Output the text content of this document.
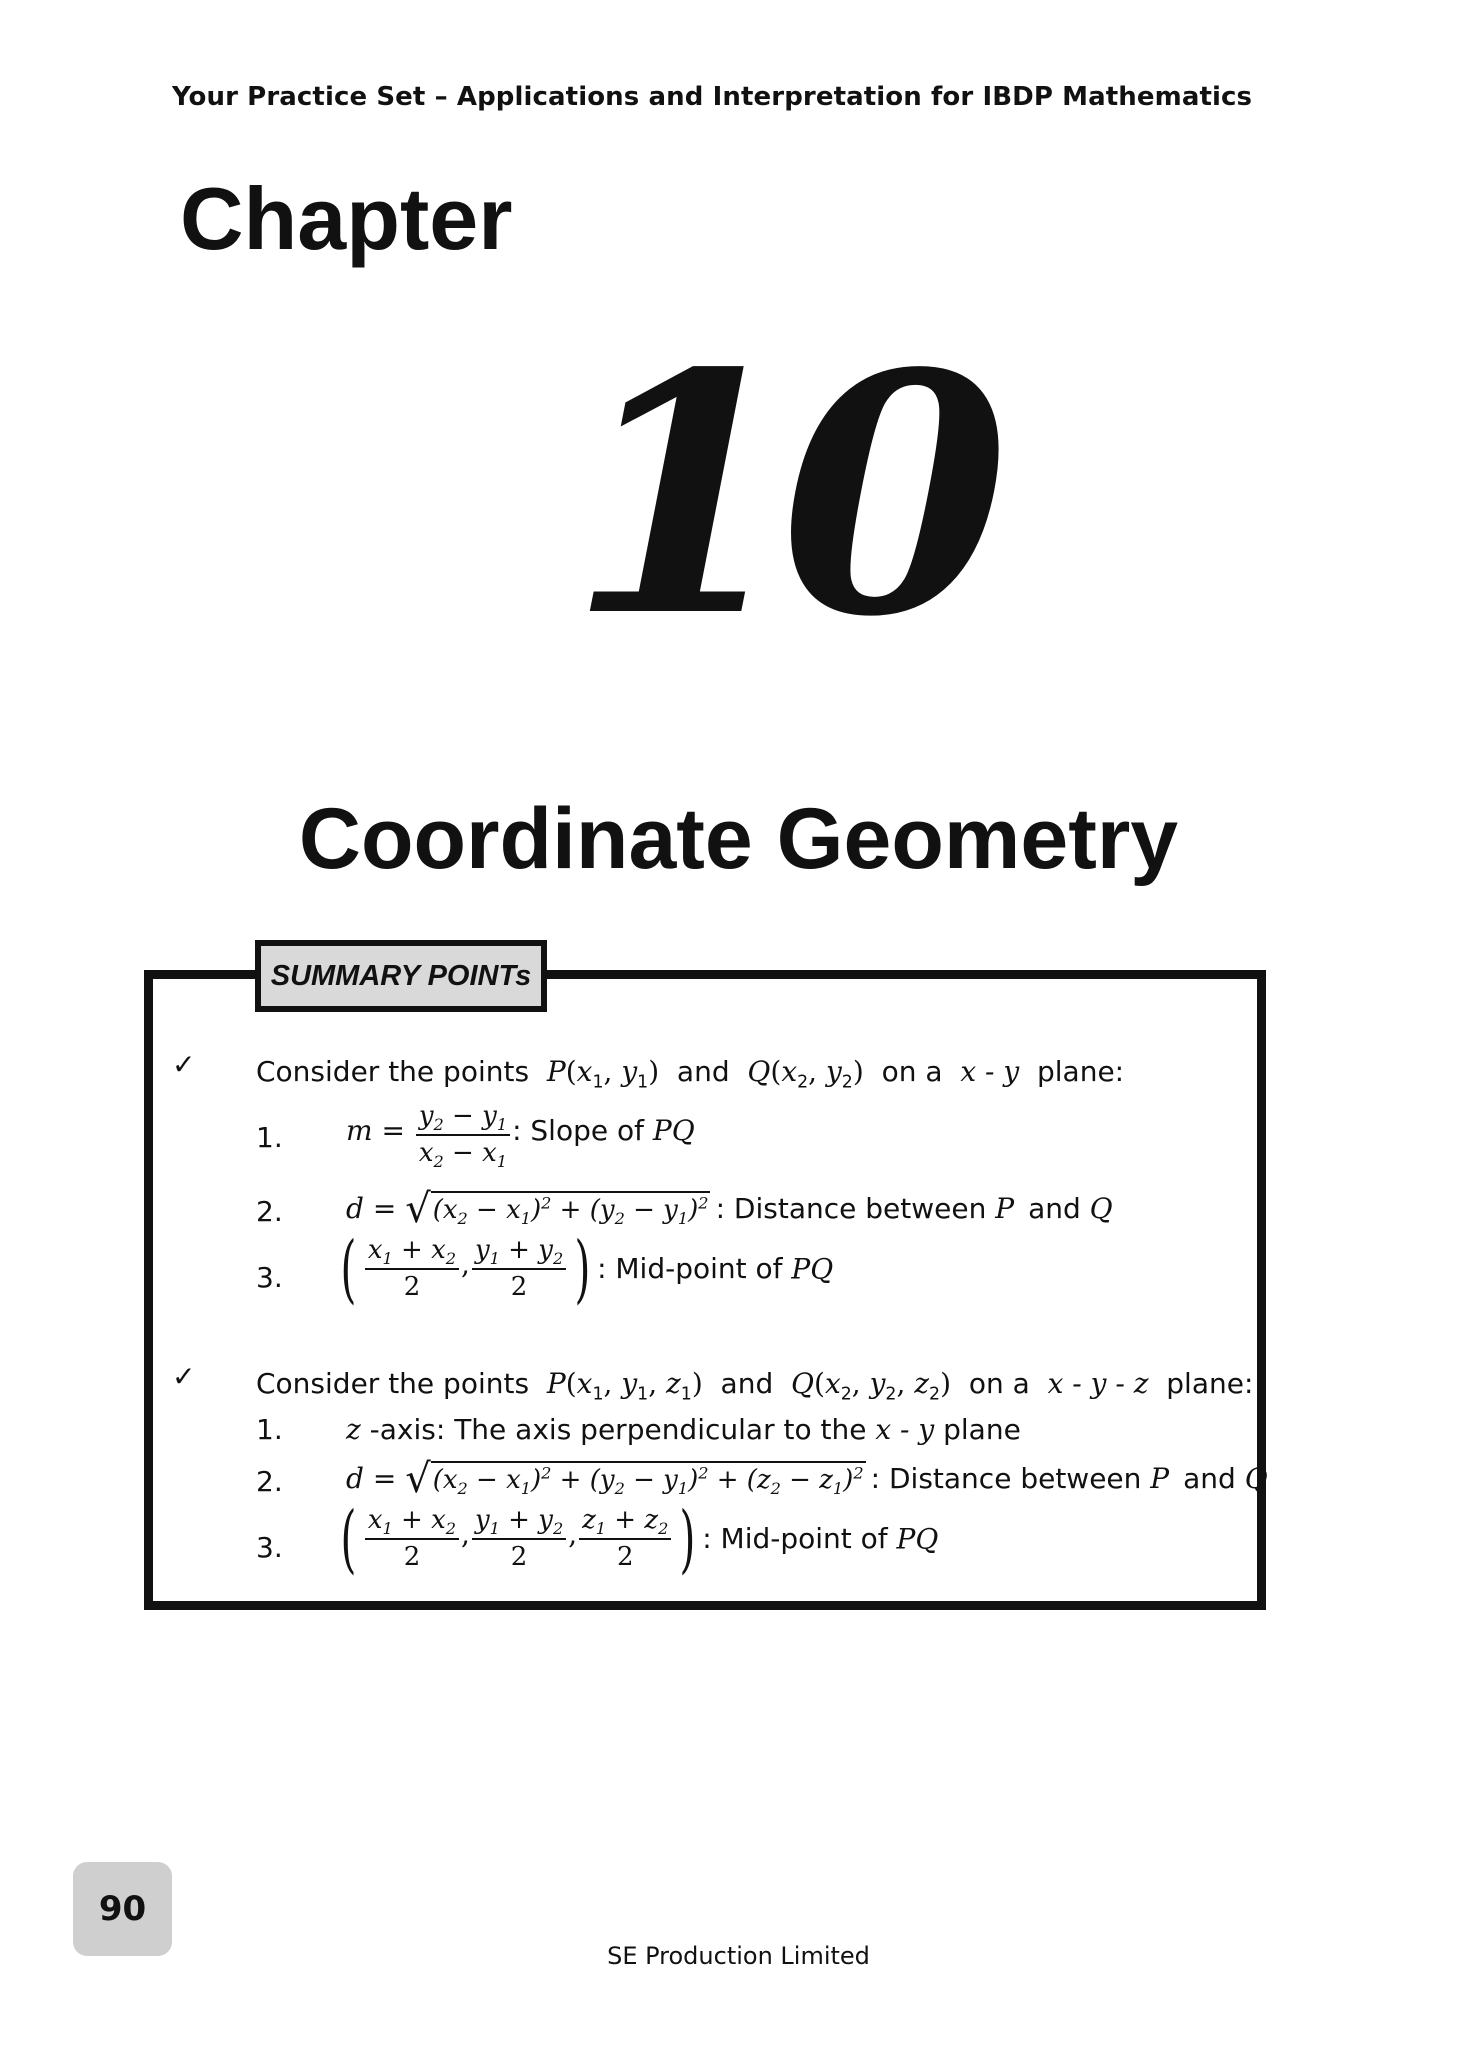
Your Practice Set – Applications and Interpretation for IBDP Mathematics
Chapter
10
Coordinate Geometry
SUMMARY POINTs
✓ Consider the points  $P(x_1$, $y_1$)  and  $Q(x_2$, $y_2$)  on a  x - y  plane:
1. $m = \frac{y_2 - y_1}{x_2 - x_1}$ : Slope of PQ
2. $d = √(x_2 - x_1)^2 + (y_2 - y_1)^2$ : Distance between P  and Q
3. ( $\frac{x_1 + x_2}{2}$ , $\frac{y_1 + y_2}{2}$ ) : Mid-point of PQ
✓ Consider the points  $P(x_1$, $y_1$, $z_1$)  and  $Q(x_2$, $y_2$, $z_2$)  on a  x - y - z  plane:
1. z -axis: The axis perpendicular to the x - y plane
2. $d = √(x_2 - x_1)^2 + (y_2 - y_1)^2 + (z_2 - z_1)^2$ : Distance between P  and Q
3. ( $\frac{x_1 + x_2}{2}$ , $\frac{y_1 + y_2}{2}$ , $\frac{z_1 + z_2}{2}$ ) : Mid-point of PQ
90
SE Production Limited
